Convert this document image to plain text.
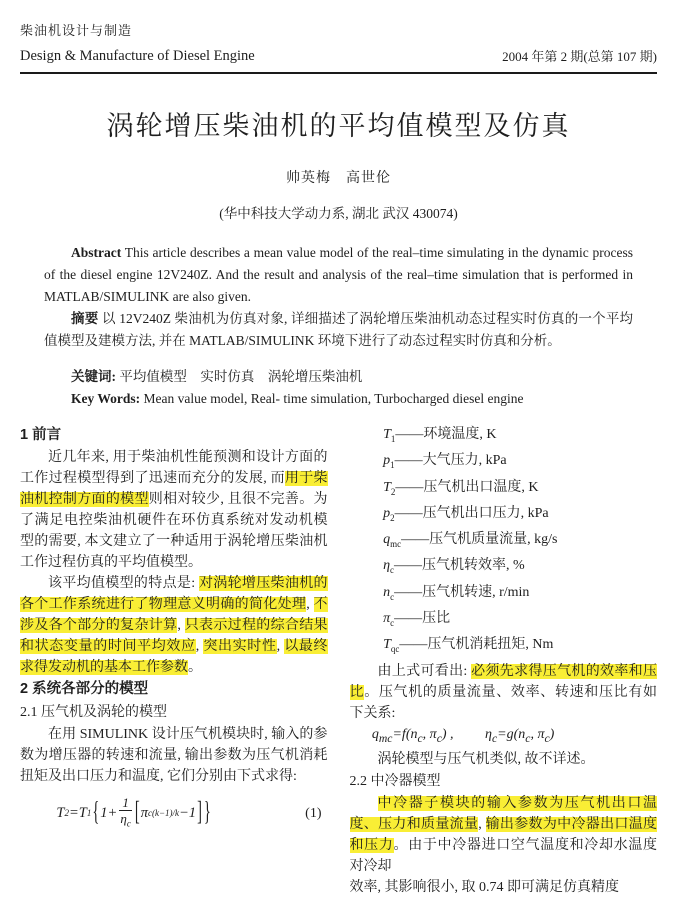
柴油机设计与制造
Design & Manufacture of Diesel Engine	2004 年第 2 期(总第 107 期)
涡轮增压柴油机的平均值模型及仿真
帅英梅　高世伦
(华中科技大学动力系, 湖北 武汉 430074)
Abstract This article describes a mean value model of the real–time simulating in the dynamic process of the diesel engine 12V240Z. And the result and analysis of the real–time simulation that is performed in MATLAB/SIMULINK are also given.
摘要 以 12V240Z 柴油机为仿真对象, 详细描述了涡轮增压柴油机动态过程实时仿真的一个平均值模型及建模方法, 并在 MATLAB/SIMULINK 环境下进行了动态过程实时仿真和分析。
关键词: 平均值模型　实时仿真　涡轮增压柴油机
Key Words: Mean value model, Real- time simulation, Turbocharged diesel engine
1 前言
近几年来, 用于柴油机性能预测和设计方面的工作过程模型得到了迅速而充分的发展, 而用于柴油机控制方面的模型则相对较少, 且很不完善。为了满足电控柴油机硬件在环仿真系统对发动机模型的需要, 本文建立了一种适用于涡轮增压柴油机工作过程仿真的平均值模型。
该平均值模型的特点是: 对涡轮增压柴油机的各个工作系统进行了物理意义明确的简化处理, 不涉及各个部分的复杂计算, 只表示过程的综合结果和状态变量的时间平均效应, 突出实时性, 以最终求得发动机的基本工作参数。
2 系统各部分的模型
2.1 压气机及涡轮的模型
在用 SIMULINK 设计压气机模块时, 输入的参数为增压器的转速和流量, 输出参数为压气机消耗扭矩及出口压力和温度, 它们分别由下式求得:
T 2 =T 1 { $1+ \frac{1}{\eta_c}$ [ π c (k−1)/k −1 ] }	(1)
$T_1——$环境温度, K
$p_1——$大气压力, kPa
$T_2——$压气机出口温度, K
$p_2——$压气机出口压力, kPa
$q_{mc}——$压气机质量流量, kg/s
$\eta_c——$压气机转效率, %
$n_c——$压气机转速, r/min
$\pi_c——$压比
$T_{qc}——$压气机消耗扭矩, Nm
由上式可看出: 必须先求得压气机的效率和压比。压气机的质量流量、效率、转速和压比有如下关系:
$q_{mc}=f(n_c$, $\pi_c$) ,　　 $\eta_c=g(n_c$, $\pi_c$)
涡轮模型与压气机类似, 故不详述。
2.2 中冷器模型
中冷器子模块的输入参数为压气机出口温度、压力和质量流量, 输出参数为中冷器出口温度和压力。由于中冷器进口空气温度和冷却水温度对冷却
效率, 其影响很小, 取 0.74 即可满足仿真精度
